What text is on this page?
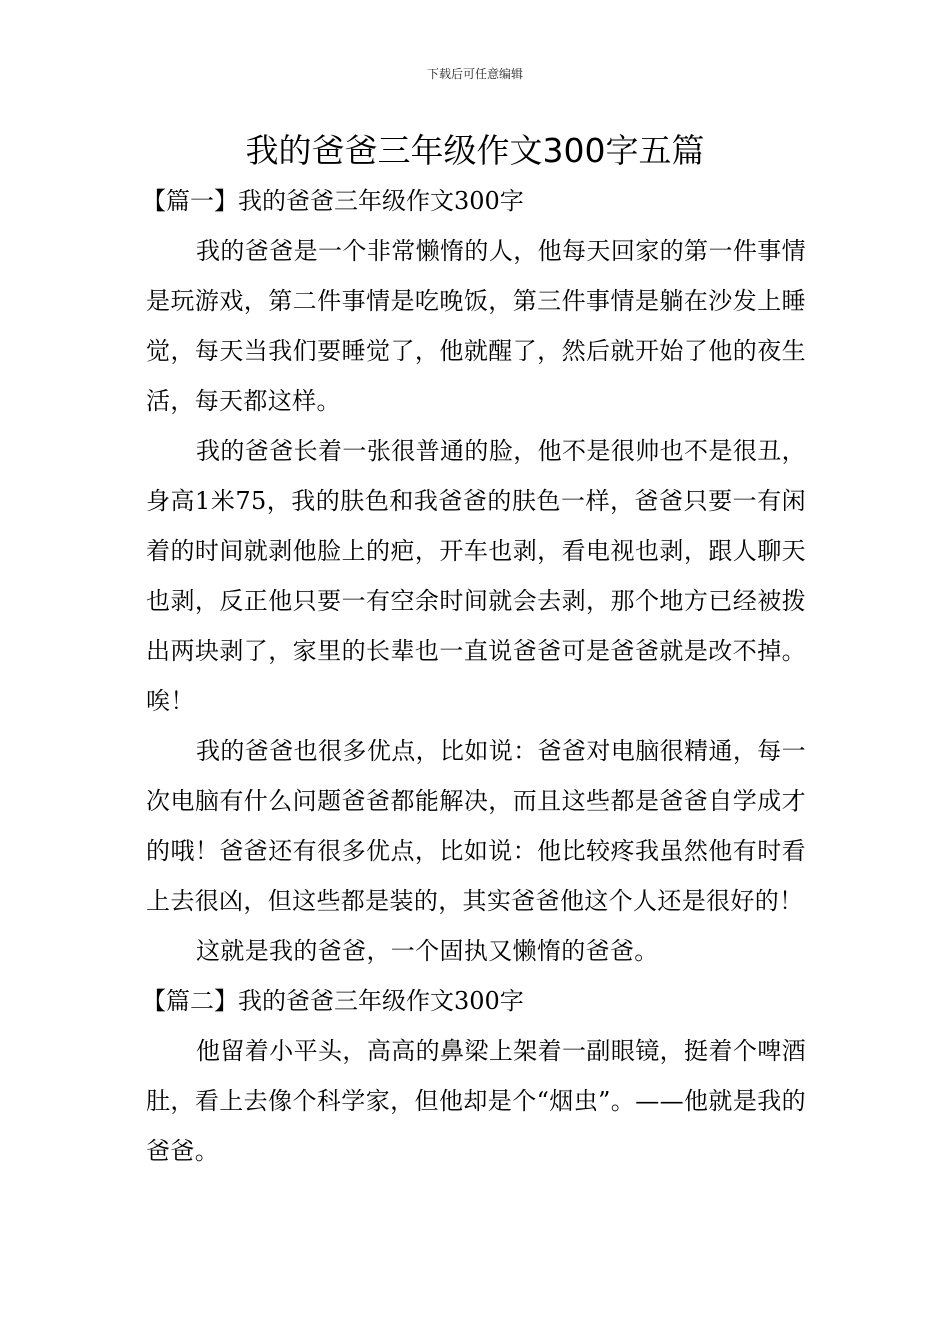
下载后可任意编辑
我的爸爸三年级作文300字五篇
【篇一】我的爸爸三年级作文300字

我的爸爸是一个非常懒惰的人，他每天回家的第一件事情是玩游戏，第二件事情是吃晚饭，第三件事情是躺在沙发上睡觉，每天当我们要睡觉了，他就醒了，然后就开始了他的夜生活，每天都这样。

我的爸爸长着一张很普通的脸，他不是很帅也不是很丑，身高1米75，我的肤色和我爸爸的肤色一样，爸爸只要一有闲着的时间就剥他脸上的疤，开车也剥，看电视也剥，跟人聊天也剥，反正他只要一有空余时间就会去剥，那个地方已经被拨出两块剥了，家里的长辈也一直说爸爸可是爸爸就是改不掉。唉！

我的爸爸也很多优点，比如说：爸爸对电脑很精通，每一次电脑有什么问题爸爸都能解决，而且这些都是爸爸自学成才的哦！爸爸还有很多优点，比如说：他比较疼我虽然他有时看上去很凶，但这些都是装的，其实爸爸他这个人还是很好的！

这就是我的爸爸，一个固执又懒惰的爸爸。

【篇二】我的爸爸三年级作文300字

他留着小平头，高高的鼻梁上架着一副眼镜，挺着个啤酒肚，看上去像个科学家，但他却是个“烟虫”。——他就是我的爸爸。
